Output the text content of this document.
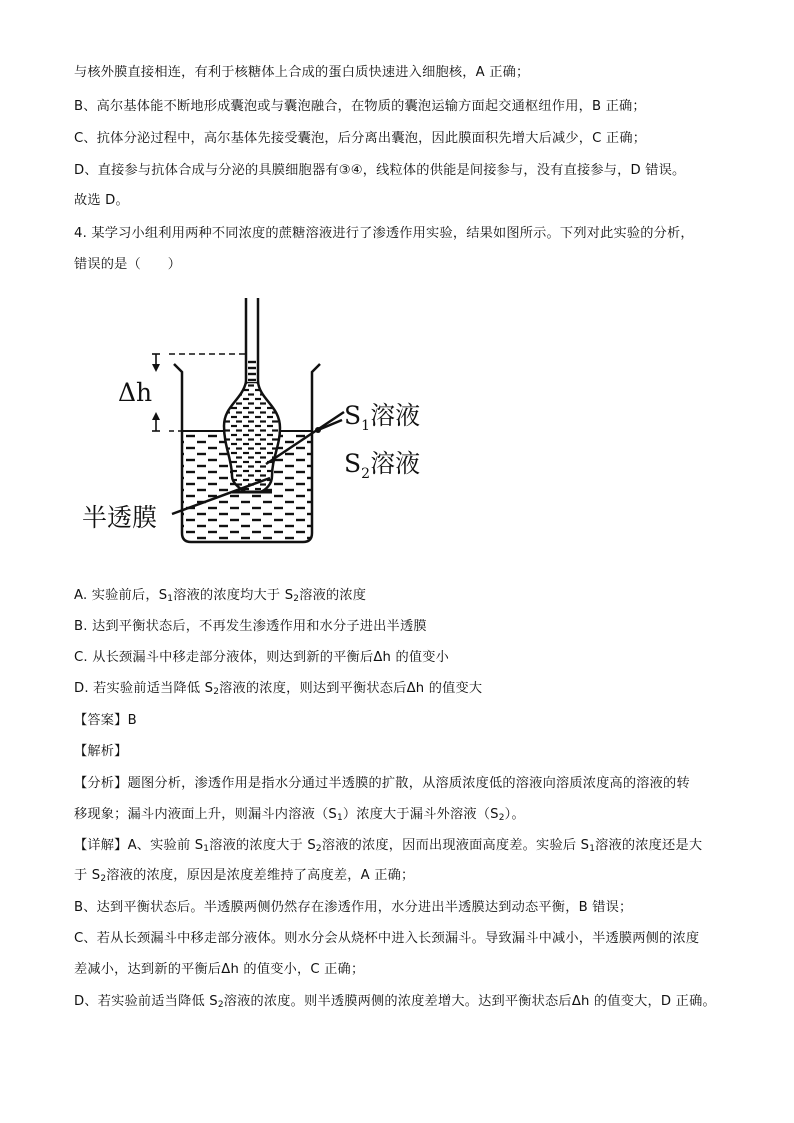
与核外膜直接相连，有利于核糖体上合成的蛋白质快速进入细胞核，A 正确；
B、高尔基体能不断地形成囊泡或与囊泡融合，在物质的囊泡运输方面起交通枢纽作用，B 正确；
C、抗体分泌过程中，高尔基体先接受囊泡，后分离出囊泡，因此膜面积先增大后减少，C 正确；
D、直接参与抗体合成与分泌的具膜细胞器有③④，线粒体的供能是间接参与，没有直接参与，D 错误。
故选 D。
4. 某学习小组利用两种不同浓度的蔗糖溶液进行了渗透作用实验，结果如图所示。下列对此实验的分析，
错误的是（　　）
Δh
$S_1$溶液
$S_2$溶液
半透膜
A. 实验前后，$S_1$溶液的浓度均大于 $S_2$溶液的浓度
B. 达到平衡状态后，不再发生渗透作用和水分子进出半透膜
C. 从长颈漏斗中移走部分液体，则达到新的平衡后Δh 的值变小
D. 若实验前适当降低 $S_2$溶液的浓度，则达到平衡状态后Δh 的值变大
【答案】B
【解析】
【分析】题图分析，渗透作用是指水分通过半透膜的扩散，从溶质浓度低的溶液向溶质浓度高的溶液的转
移现象；漏斗内液面上升，则漏斗内溶液$(S_1)$浓度大于漏斗外溶液$(S_2)$。
【详解】A、实验前 $S_1$溶液的浓度大于 $S_2$溶液的浓度，因而出现液面高度差。实验后 $S_1$溶液的浓度还是大
于 $S_2$溶液的浓度，原因是浓度差维持了高度差，A 正确；
B、达到平衡状态后。半透膜两侧仍然存在渗透作用，水分进出半透膜达到动态平衡，B 错误；
C、若从长颈漏斗中移走部分液体。则水分会从烧杯中进入长颈漏斗。导致漏斗中减小，半透膜两侧的浓度
差减小，达到新的平衡后Δh 的值变小，C 正确；
D、若实验前适当降低 $S_2$溶液的浓度。则半透膜两侧的浓度差增大。达到平衡状态后Δh 的值变大，D 正确。
